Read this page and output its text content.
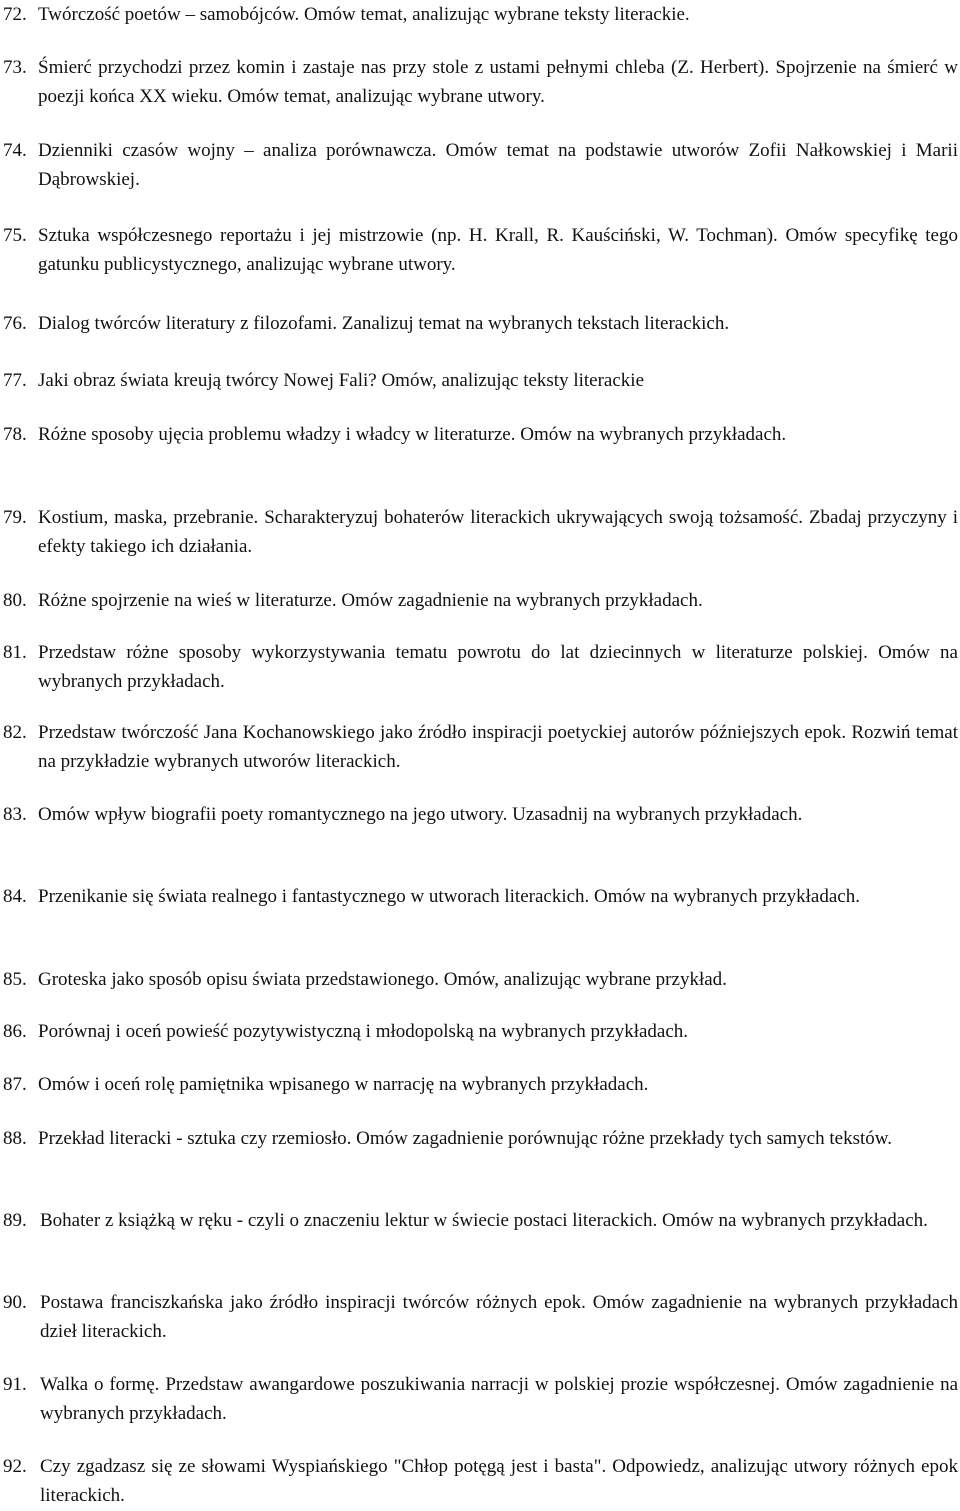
72. Twórczość poetów – samobójców. Omów temat, analizując wybrane teksty literackie.

73. Śmierć przychodzi przez komin i zastaje nas przy stole z ustami pełnymi chleba (Z. Herbert). Spojrzenie na śmierć w poezji końca XX wieku. Omów temat, analizując wybrane utwory.

74. Dzienniki czasów wojny – analiza porównawcza. Omów temat na podstawie utworów Zofii Nałkowskiej i Marii Dąbrowskiej.

75. Sztuka współczesnego reportażu i jej mistrzowie (np. H. Krall, R. Kauściński, W. Tochman). Omów specyfikę tego gatunku publicystycznego, analizując wybrane utwory.

76. Dialog twórców literatury z filozofami. Zanalizuj temat na wybranych tekstach literackich.

77. Jaki obraz świata kreują twórcy Nowej Fali? Omów, analizując teksty literackie

78. Różne sposoby ujęcia problemu władzy i władcy w literaturze. Omów na wybranych przykładach.

79. Kostium, maska, przebranie. Scharakteryzuj bohaterów literackich ukrywających swoją tożsamość. Zbadaj przyczyny i efekty takiego ich działania.

80. Różne spojrzenie na wieś w literaturze. Omów zagadnienie na wybranych przykładach.

81. Przedstaw różne sposoby wykorzystywania tematu powrotu do lat dziecinnych w literaturze polskiej. Omów na wybranych przykładach.

82. Przedstaw twórczość Jana Kochanowskiego jako źródło inspiracji poetyckiej autorów późniejszych epok. Rozwiń temat na przykładzie wybranych utworów literackich.

83. Omów wpływ biografii poety romantycznego na jego utwory. Uzasadnij na wybranych przykładach.

84. Przenikanie się świata realnego i fantastycznego w utworach literackich. Omów na wybranych przykładach.

85. Groteska jako sposób opisu świata przedstawionego. Omów, analizując wybrane przykład.

86. Porównaj i oceń powieść pozytywistyczną i młodopolską na wybranych przykładach.

87. Omów i oceń rolę pamiętnika wpisanego w narrację na wybranych przykładach.

88. Przekład literacki - sztuka czy rzemiosło. Omów zagadnienie porównując różne przekłady tych samych tekstów.

89. Bohater z książką w ręku - czyli o znaczeniu lektur w świecie postaci literackich. Omów na wybranych przykładach.

90. Postawa franciszkańska jako źródło inspiracji twórców różnych epok. Omów zagadnienie na wybranych przykładach dzieł literackich.

91. Walka o formę. Przedstaw awangardowe poszukiwania narracji w polskiej prozie współczesnej. Omów zagadnienie na wybranych przykładach.

92. Czy zgadzasz się ze słowami Wyspiańskiego "Chłop potęgą jest i basta". Odpowiedz, analizując utwory różnych epok literackich.
